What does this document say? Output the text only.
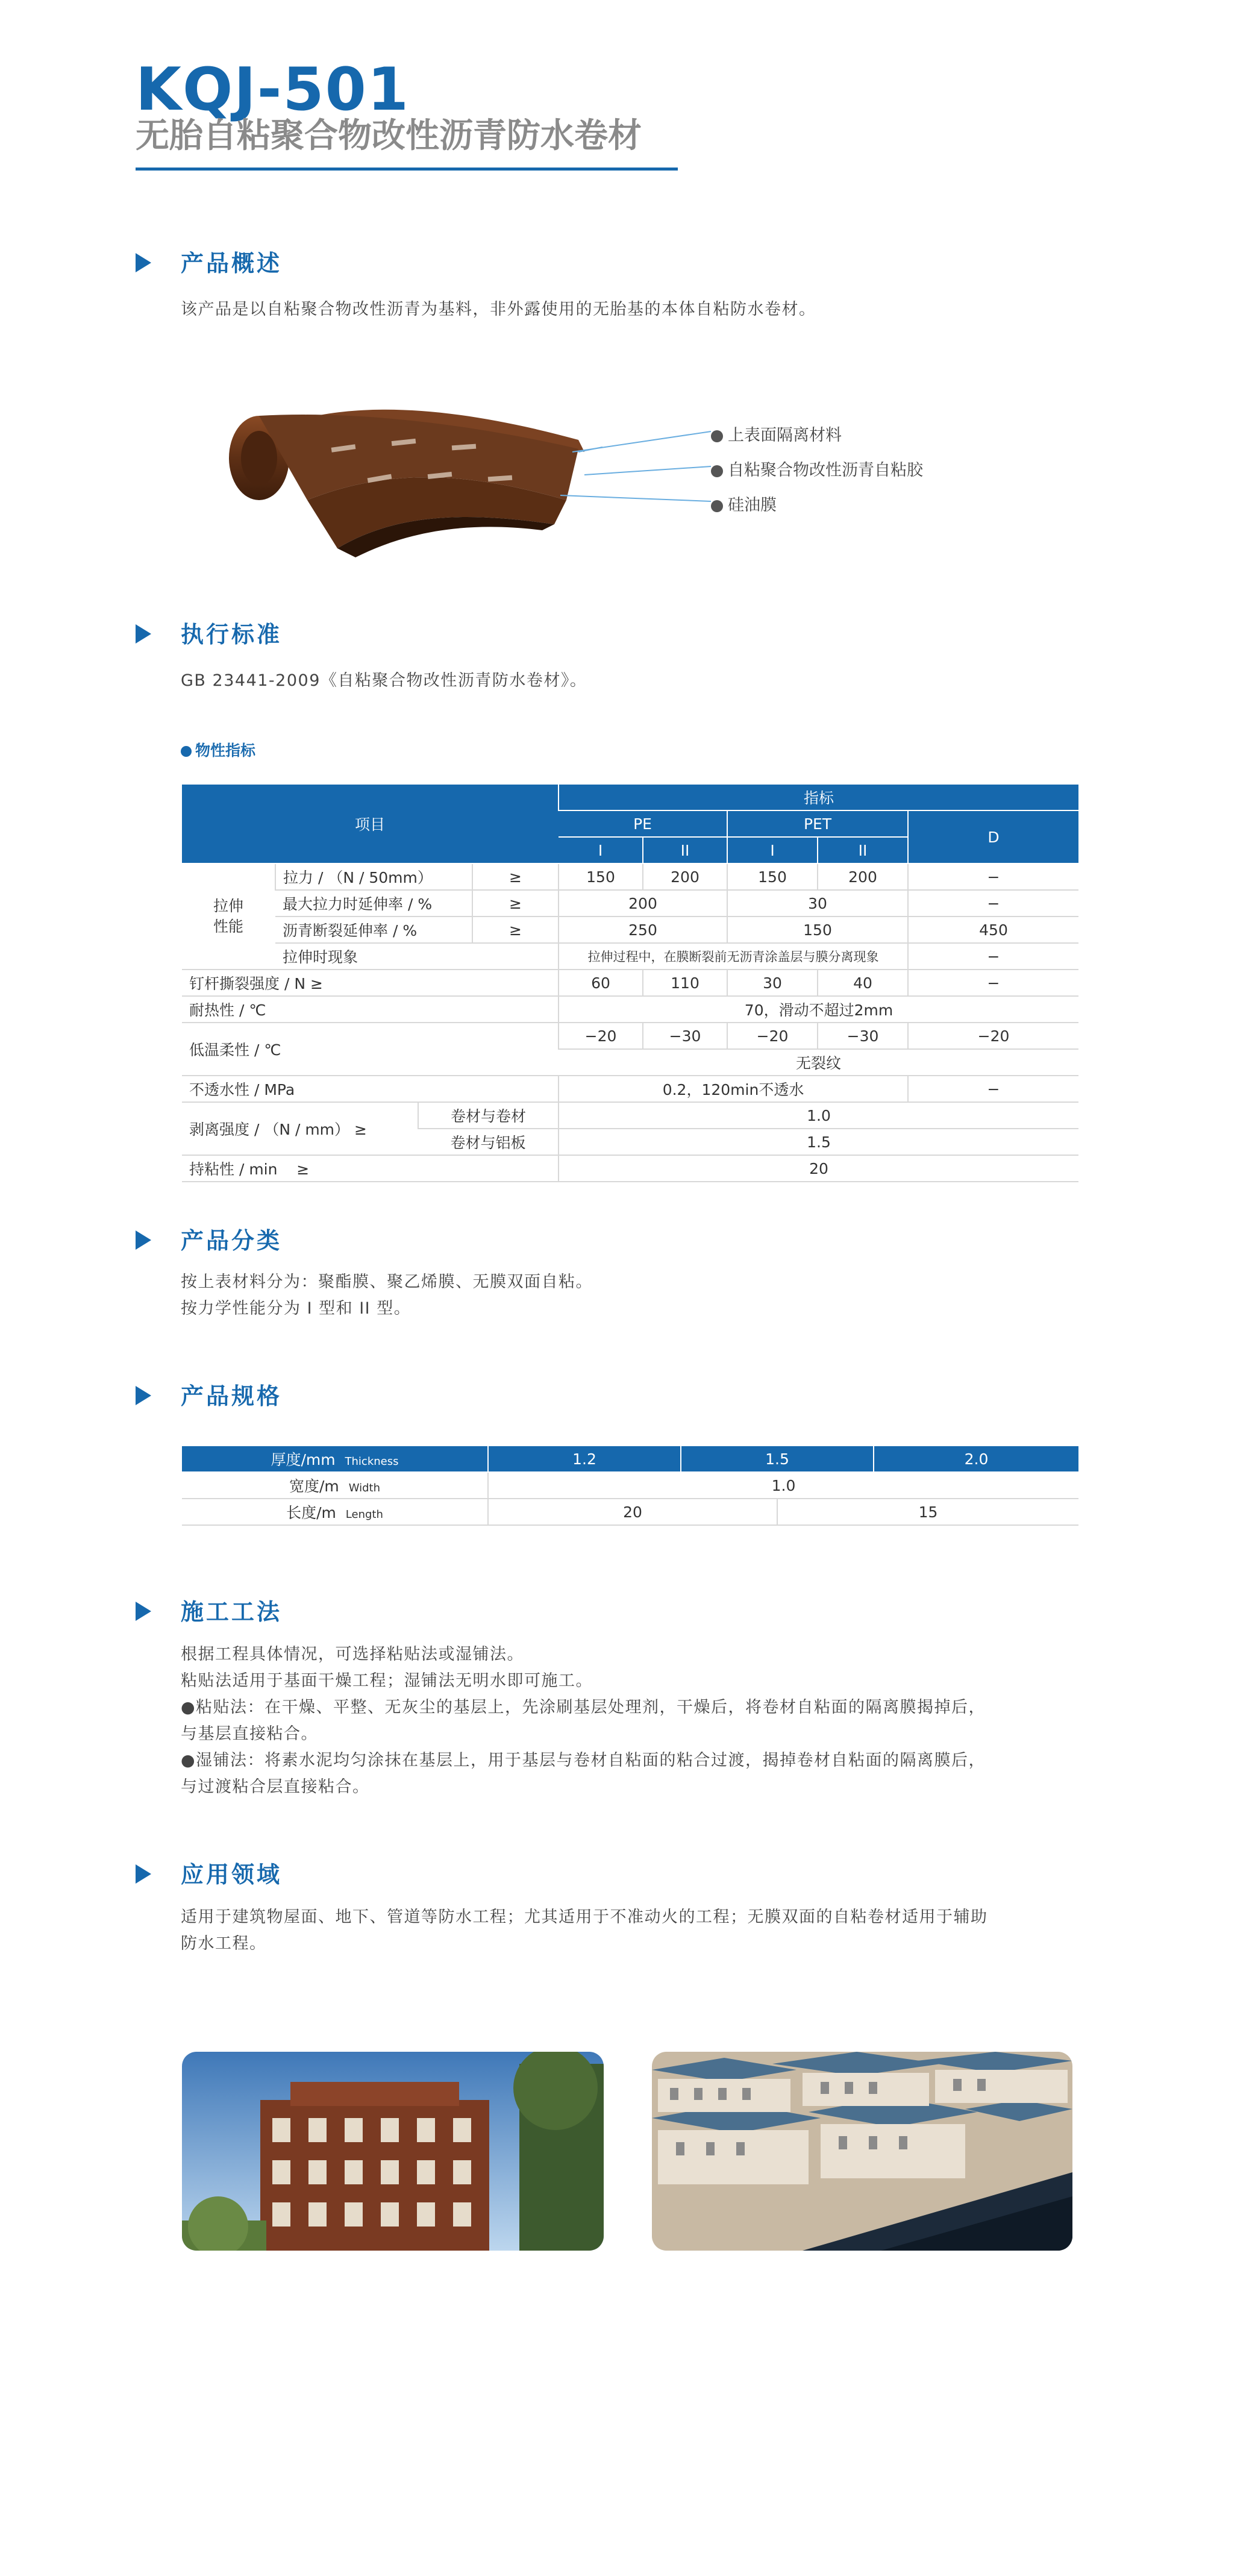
KQJ-501
无胎自粘聚合物改性沥青防水卷材
产品概述
该产品是以自粘聚合物改性沥青为基料，非外露使用的无胎基的本体自粘防水卷材。
上表面隔离材料
自粘聚合物改性沥青自粘胶
硅油膜
执行标准
GB 23441-2009《自粘聚合物改性沥青防水卷材》。
物性指标
项目				指标				
				PE		PET		D
				I	II	I	II	
拉伸
性能	拉力 / （N / 50mm）		≥	150	200	150	200	−
	最大拉力时延伸率 / %		≥	200		30		−
	沥青断裂延伸率 / %		≥	250		150		450
	拉伸时现象			拉伸过程中，在膜断裂前无沥青涂盖层与膜分离现象				−
钉杆撕裂强度 / N ≥				60	110	30	40	−
耐热性 / ℃				70，滑动不超过2mm				
低温柔性 / ℃				−20	−30	−20	−30	−20
				无裂纹				
不透水性 / MPa				0.2，120min不透水				−
剥离强度 / （N / mm） ≥		卷材与卷材		1.0				
		卷材与铝板		1.5				
持粘性 / min ≥				20				
产品分类
按上表材料分为：聚酯膜、聚乙烯膜、无膜双面自粘。
按力学性能分为 I 型和 II 型。
产品规格
厚度/mm Thickness	1.2	1.5		2.0
宽度/m Width	1.0			
长度/m Length	20		15	
施工工法
根据工程具体情况，可选择粘贴法或湿铺法。
粘贴法适用于基面干燥工程；湿铺法无明水即可施工。
●粘贴法：在干燥、平整、无灰尘的基层上，先涂刷基层处理剂，干燥后，将卷材自粘面的隔离膜揭掉后，
与基层直接粘合。
●湿铺法：将素水泥均匀涂抹在基层上，用于基层与卷材自粘面的粘合过渡，揭掉卷材自粘面的隔离膜后，
与过渡粘合层直接粘合。
应用领域
适用于建筑物屋面、地下、管道等防水工程；尤其适用于不准动火的工程；无膜双面的自粘卷材适用于辅助
防水工程。
